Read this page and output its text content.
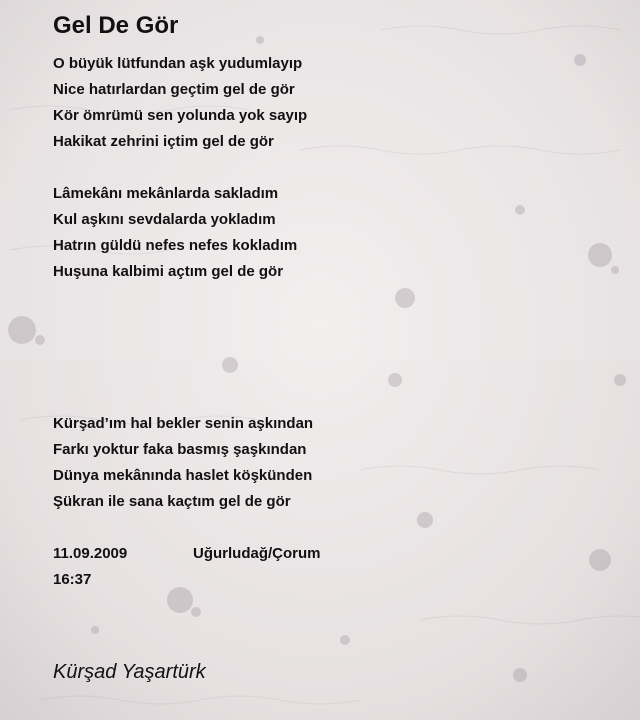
Gel De Gör
O büyük lütfundan aşk yudumlayıp
Nice hatırlardan geçtim gel de gör
Kör ömrümü sen yolunda yok sayıp
Hakikat zehrini içtim gel de gör
Lâmekânı mekânlarda sakladım
Kul aşkını sevdalarda yokladım
Hatrın güldü nefes nefes kokladım
Huşuna kalbimi açtım gel de gör
Kürşad’ım hal bekler senin aşkından
Farkı yoktur faka basmış şaşkından
Dünya mekânında haslet köşkünden
Şükran ile sana kaçtım gel de gör
11.09.2009	Uğurludağ/Çorum
16:37
Kürşad Yaşartürk
